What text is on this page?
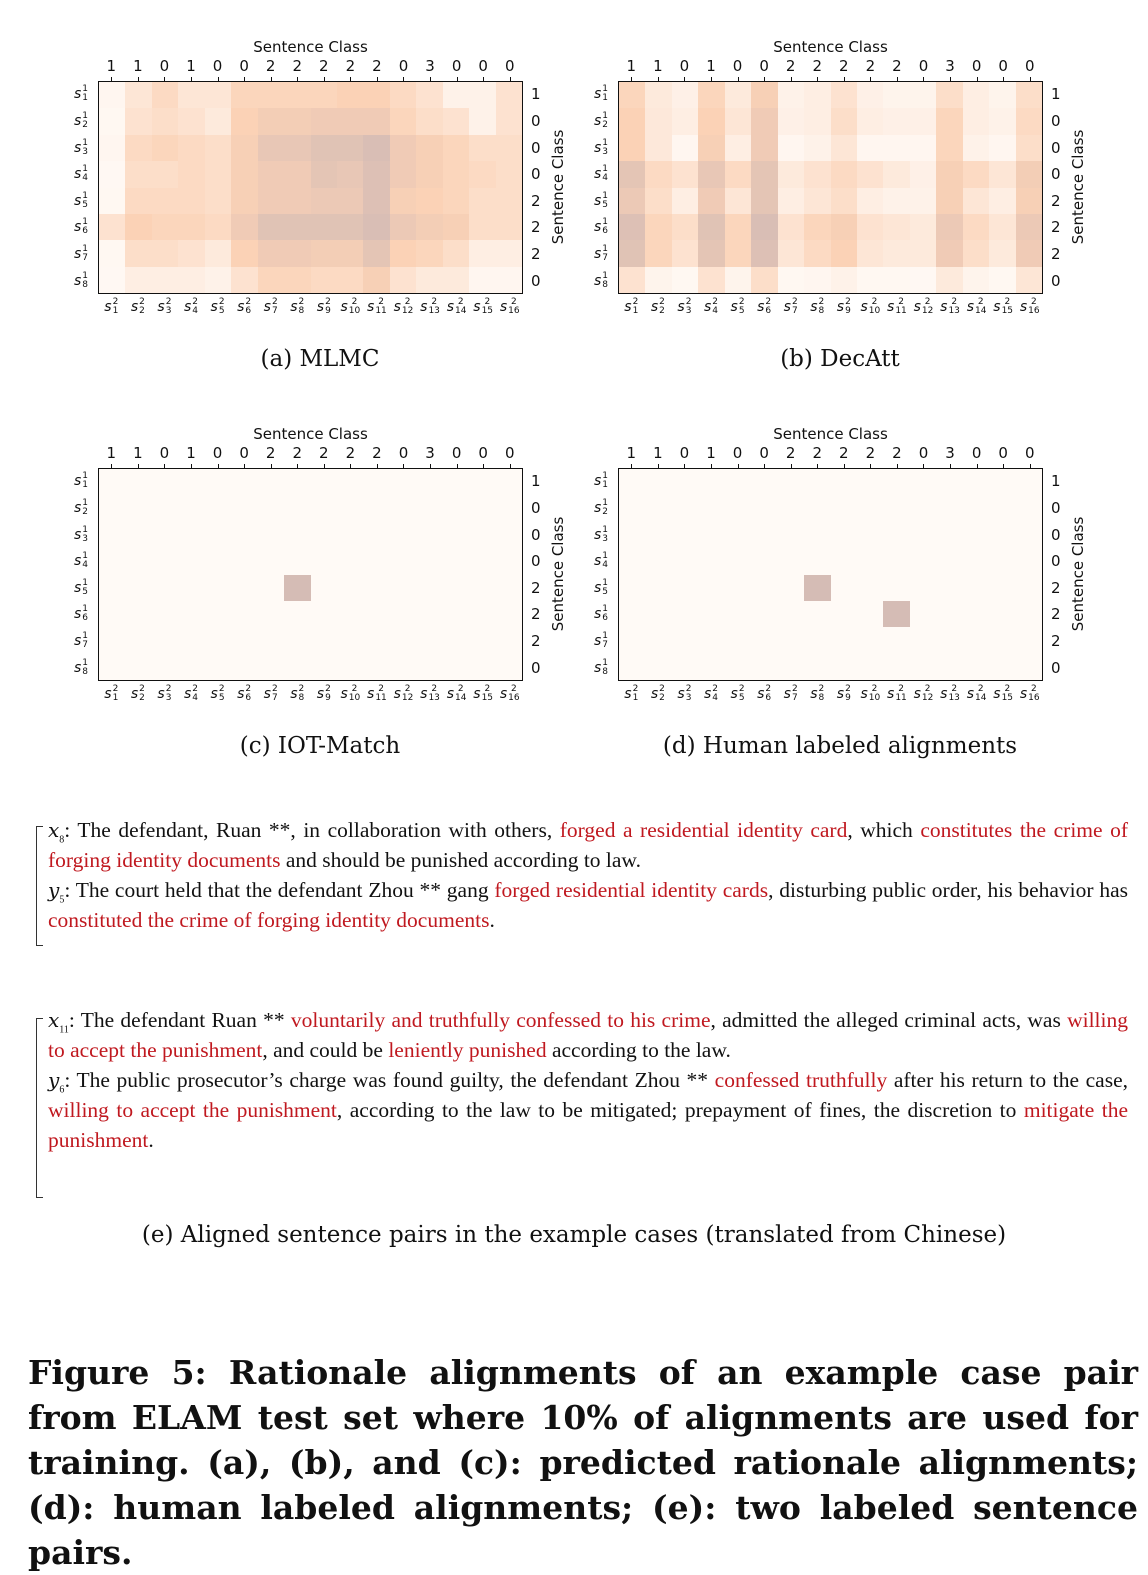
Sentence Class
1	1	0	1	0	0	2	2	2	2	2	0	3	0	0	0
s 1
1
s 1
2
s 1
3
s 1
4
s 1
5
s 1
6
s 1
7
s 1
8
1
0
0
0
2
2
2
0
Sentence Class
s 2
1 s 2
2 s 2
3 s 2
4 s 2
5 s 2
6 s 2
7 s 2
8 s 2
9 s 2
10 s 2
11 s 2
12 s 2
13 s 2
14 s 2
15 s 2
16
Sentence Class
1	1	0	1	0	0	2	2	2	2	2	0	3	0	0	0
s 1
1
s 1
2
s 1
3
s 1
4
s 1
5
s 1
6
s 1
7
s 1
8
1
0
0
0
2
2
2
0
Sentence Class
s 2
1 s 2
2 s 2
3 s 2
4 s 2
5 s 2
6 s 2
7 s 2
8 s 2
9 s 2
10 s 2
11 s 2
12 s 2
13 s 2
14 s 2
15 s 2
16
Sentence Class
1	1	0	1	0	0	2	2	2	2	2	0	3	0	0	0
s 1
1
s 1
2
s 1
3
s 1
4
s 1
5
s 1
6
s 1
7
s 1
8
1
0
0
0
2
2
2
0
Sentence Class
s 2
1 s 2
2 s 2
3 s 2
4 s 2
5 s 2
6 s 2
7 s 2
8 s 2
9 s 2
10 s 2
11 s 2
12 s 2
13 s 2
14 s 2
15 s 2
16
Sentence Class
1	1	0	1	0	0	2	2	2	2	2	0	3	0	0	0
s 1
1
s 1
2
s 1
3
s 1
4
s 1
5
s 1
6
s 1
7
s 1
8
1
0
0
0
2
2
2
0
Sentence Class
s 2
1 s 2
2 s 2
3 s 2
4 s 2
5 s 2
6 s 2
7 s 2
8 s 2
9 s 2
10 s 2
11 s 2
12 s 2
13 s 2
14 s 2
15 s 2
16
(a) MLMC	(b) DecAtt
(c) IOT-Match	(d) Human labeled alignments

$x_8$: The defendant, Ruan **, in collaboration with others, forged a residential identity card, which constitutes the crime of forging identity documents and should be punished according to law.

$y_5$: The court held that the defendant Zhou ** gang forged residential identity cards, disturbing public order, his behavior has constituted the crime of forging identity documents.

$x_{11}$: The defendant Ruan ** voluntarily and truthfully confessed to his crime, admitted the alleged criminal acts, was willing to accept the punishment, and could be leniently punished according to the law.

$y_6$: The public prosecutor’s charge was found guilty, the defendant Zhou ** confessed truthfully after his return to the case, willing to accept the punishment, according to the law to be mitigated; prepayment of fines, the discretion to mitigate the punishment.

(e) Aligned sentence pairs in the example cases (translated from Chinese)
Figure 5: Rationale alignments of an example case pair from ELAM test set where 10% of alignments are used for training. (a), (b), and (c): predicted rationale alignments; (d): human labeled alignments; (e): two labeled sentence pairs.
